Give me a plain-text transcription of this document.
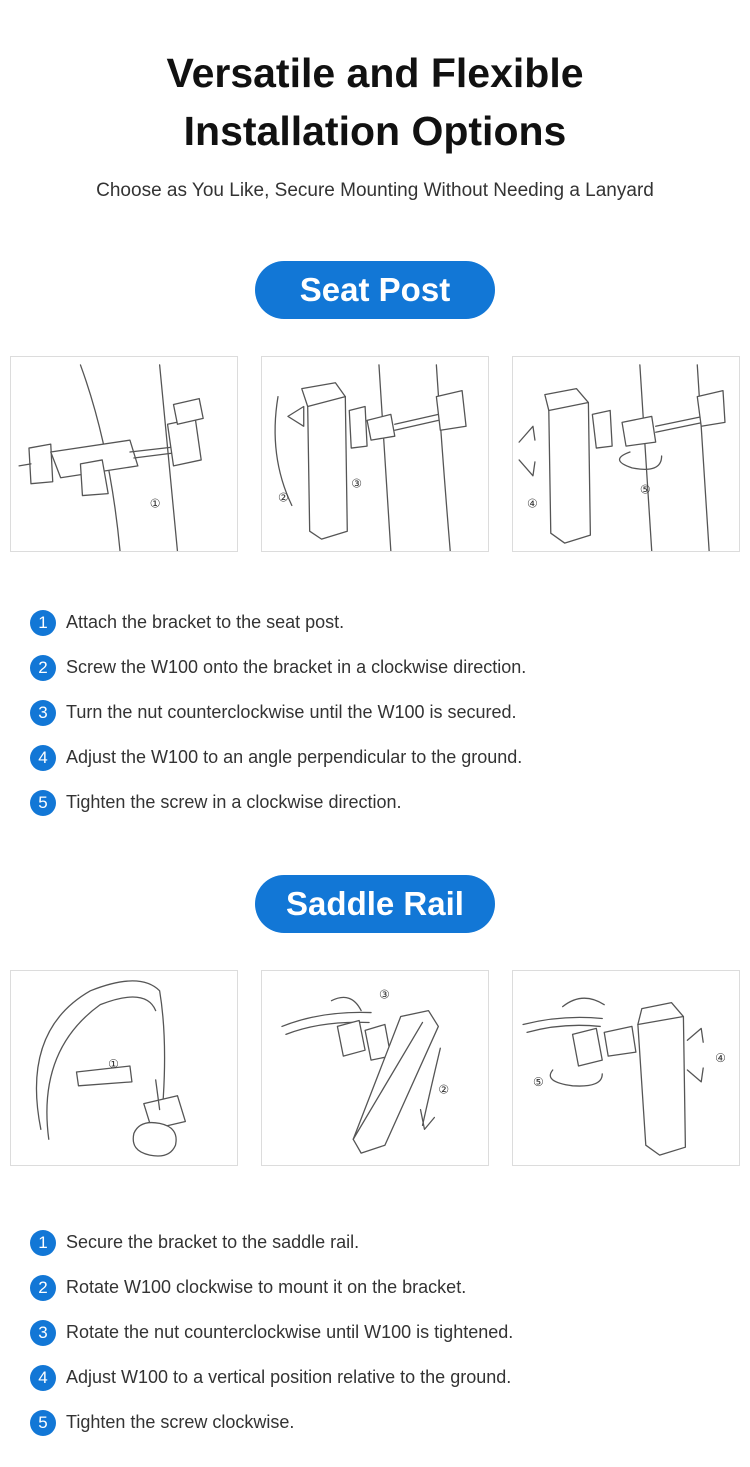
Versatile and Flexible
Installation Options
Choose as You Like, Secure Mounting Without Needing a Lanyard
Seat Post
①	②
③
④
⑤
1	Attach the bracket to the seat post.
2	Screw the W100 onto the bracket in a clockwise direction.
3	Turn the nut counterclockwise until the W100 is secured.
4	Adjust the W100 to an angle perpendicular to the ground.
5	Tighten the screw in a clockwise direction.
Saddle Rail
①
③
②
④
⑤
1	Secure the bracket to the saddle rail.
2	Rotate W100 clockwise to mount it on the bracket.
3	Rotate the nut counterclockwise until W100 is tightened.
4	Adjust W100 to a vertical position relative to the ground.
5	Tighten the screw clockwise.
